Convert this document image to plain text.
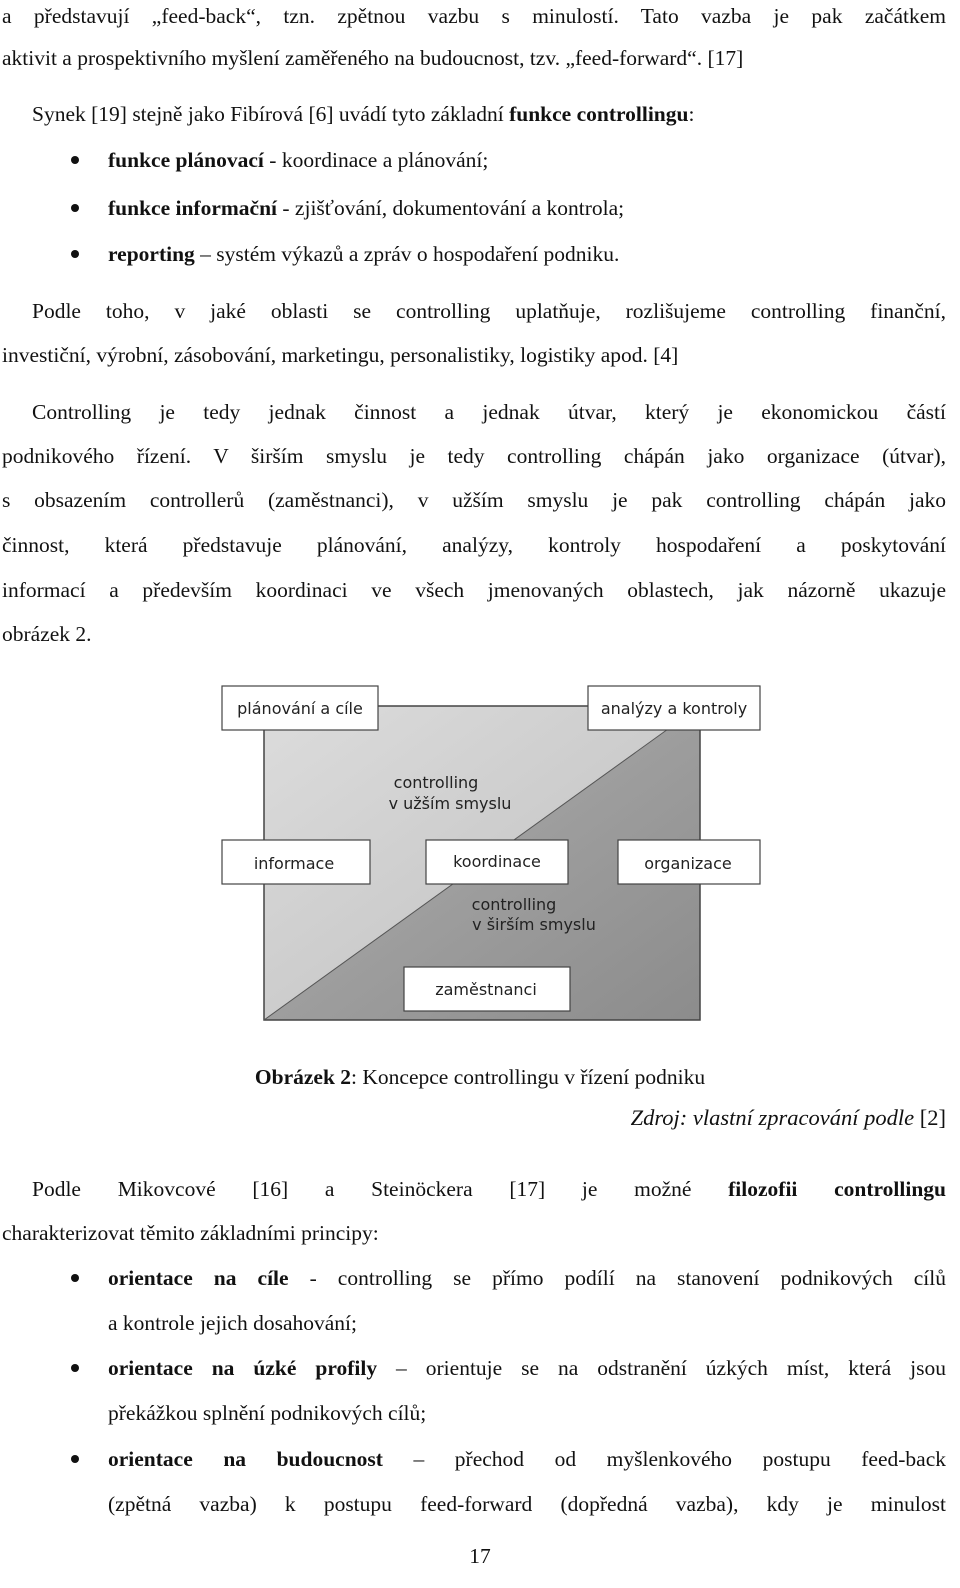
a představují „feed-back“, tzn. zpětnou vazbu s minulostí. Tato vazba je pak začátkem
aktivit a prospektivního myšlení zaměřeného na budoucnost, tzv. „feed-forward“. [17]
Synek [19] stejně jako Fibírová [6] uvádí tyto základní funkce controllingu:
funkce plánovací - koordinace a plánování;
funkce informační - zjišťování, dokumentování a kontrola;
reporting – systém výkazů a zpráv o hospodaření podniku.
Podle toho, v jaké oblasti se controlling uplatňuje, rozlišujeme controlling finanční,
investiční, výrobní, zásobování, marketingu, personalistiky, logistiky apod. [4]
Controlling je tedy jednak činnost a jednak útvar, který je ekonomickou částí
podnikového řízení. V širším smyslu je tedy controlling chápán jako organizace (útvar),
s obsazením controllerů (zaměstnanci), v užším smyslu je pak controlling chápán jako
činnost, která představuje plánování, analýzy, kontroly hospodaření a poskytování
informací a především koordinaci ve všech jmenovaných oblastech, jak názorně ukazuje
obrázek 2.
plánování a cíle	analýzy a kontroly
controlling
v užším smyslu
informace	koordinace	organizace
controlling
v širším smyslu
zaměstnanci
Obrázek 2: Koncepce controllingu v řízení podniku
Zdroj: vlastní zpracování podle [2]
Podle Mikovcové [16] a Steinöckera [17] je možné filozofii controllingu
charakterizovat těmito základními principy:
orientace na cíle - controlling se přímo podílí na stanovení podnikových cílů
a kontrole jejich dosahování;
orientace na úzké profily – orientuje se na odstranění úzkých míst, která jsou
překážkou splnění podnikových cílů;
orientace na budoucnost – přechod od myšlenkového postupu feed-back
(zpětná vazba) k postupu feed-forward (dopředná vazba), kdy je minulost
17
